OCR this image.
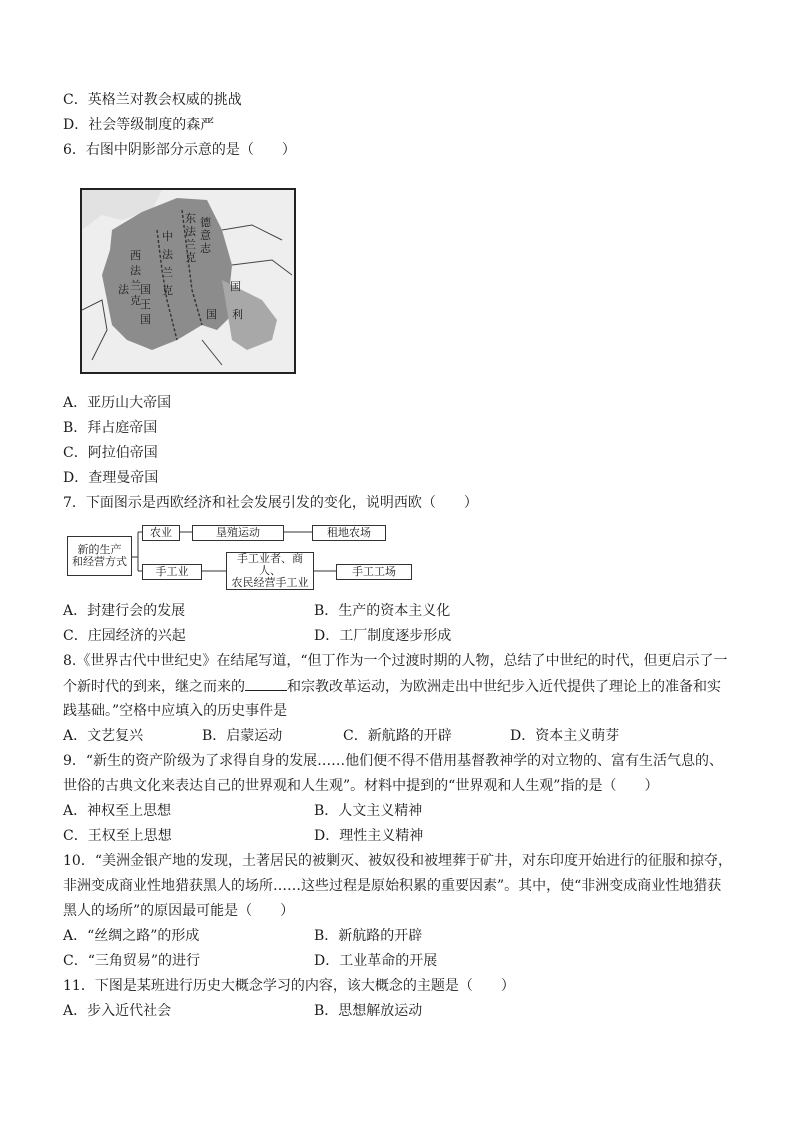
C．英格兰对教会权威的挑战
D．社会等级制度的森严
6．右图中阴影部分示意的是（　　）
东
法
兰
克
德
意
志
中
法
兰
克
西
法
兰
克
法 国
王
国
国
国 利
A．亚历山大帝国
B．拜占庭帝国
C．阿拉伯帝国
D．查理曼帝国
7．下面图示是西欧经济和社会发展引发的变化，说明西欧（　　）
新的生产
和经营方式
农业	垦殖运动	租地农场
手工业
手工业者、商人、
农民经营手工业
手工工场
A．封建行会的发展	B．生产的资本主义化
C．庄园经济的兴起	D．工厂制度逐步形成
8.《世界古代中世纪史》在结尾写道，“但丁作为一个过渡时期的人物，总结了中世纪的时代，但更启示了一
个新时代的到来，继之而来的	和宗教改革运动，为欧洲走出中世纪步入近代提供了理论上的准备和实
践基础。”空格中应填入的历史事件是
A．文艺复兴	B．启蒙运动	C．新航路的开辟	D．资本主义萌芽
9．“新生的资产阶级为了求得自身的发展……他们便不得不借用基督教神学的对立物的、富有生活气息的、
世俗的古典文化来表达自己的世界观和人生观”。材料中提到的“世界观和人生观”指的是（　　）
A．神权至上思想	B．人文主义精神
C．王权至上思想	D．理性主义精神
10．“美洲金银产地的发现，土著居民的被剿灭、被奴役和被埋葬于矿井，对东印度开始进行的征服和掠夺，
非洲变成商业性地猎获黑人的场所……这些过程是原始积累的重要因素”。其中，使“非洲变成商业性地猎获
黑人的场所”的原因最可能是（　　）
A．“丝绸之路”的形成	B．新航路的开辟
C．“三角贸易”的进行	D．工业革命的开展
11．下图是某班进行历史大概念学习的内容，该大概念的主题是（　　）
A．步入近代社会	B．思想解放运动
